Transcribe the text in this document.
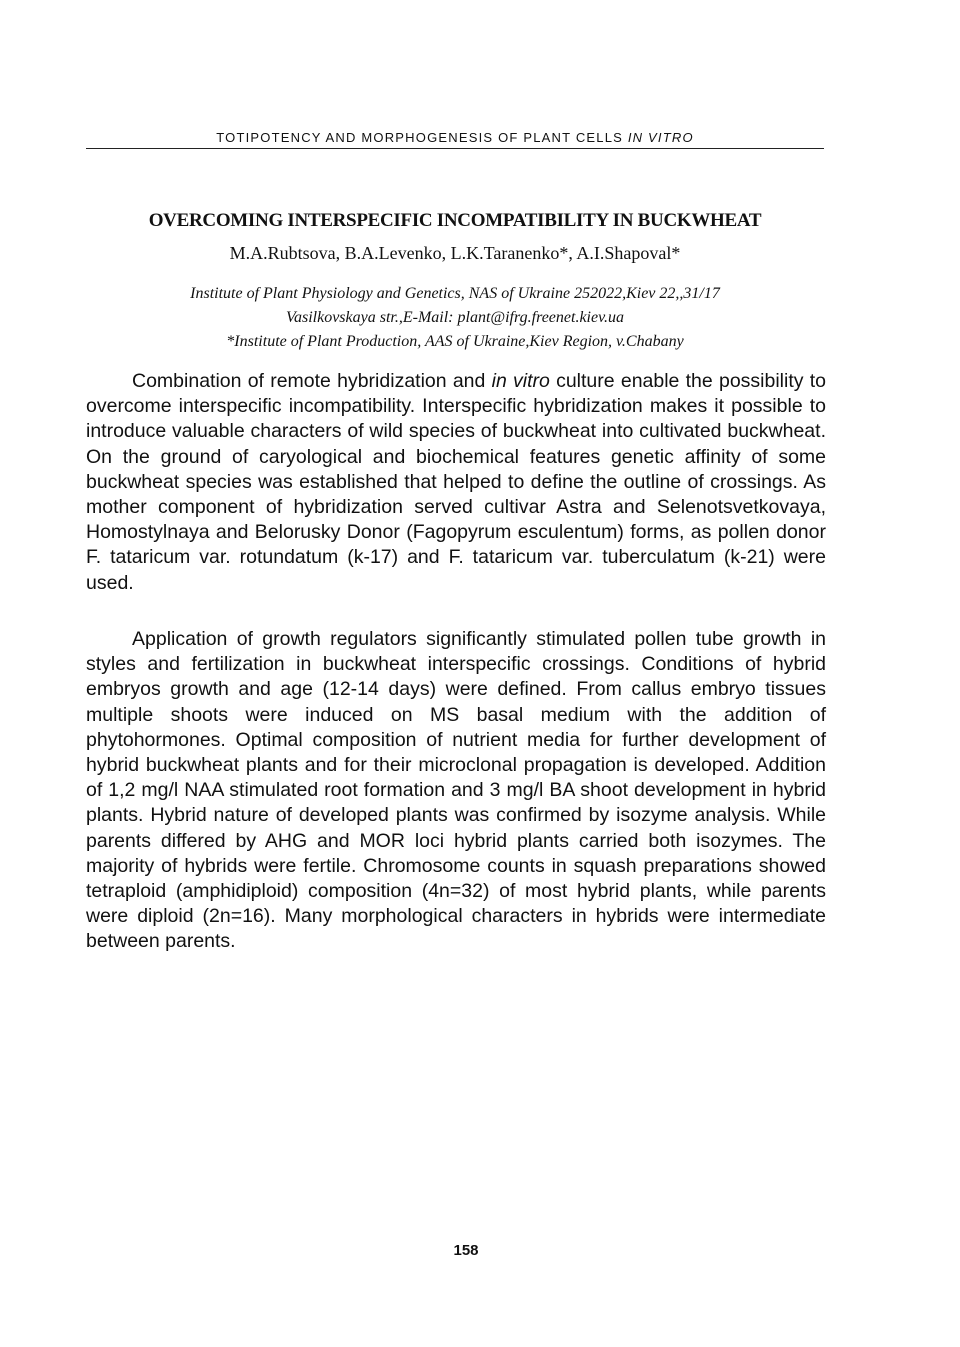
TOTIPOTENCY AND MORPHOGENESIS OF PLANT CELLS IN VITRO
OVERCOMING INTERSPECIFIC INCOMPATIBILITY IN BUCKWHEAT
M.A.Rubtsova, B.A.Levenko, L.K.Taranenko*, A.I.Shapoval*
Institute of Plant Physiology and Genetics, NAS of Ukraine 252022,Kiev 22,,31/17
Vasilkovskaya str.,E-Mail: plant@ifrg.freenet.kiev.ua
*Institute of Plant Production, AAS of Ukraine,Kiev Region, v.Chabany

Combination of remote hybridization and in vitro culture enable the possibility to overcome interspecific incompatibility. Interspecific hybridization makes it possible to introduce valuable characters of wild species of buckwheat into cultivated buckwheat. On the ground of caryological and biochemical features genetic affinity of some buckwheat species was established that helped to define the outline of crossings. As mother component of hybridization served cultivar Astra and Selenotsvetkovaya, Homostylnaya and Belorusky Donor (Fagopyrum esculentum) forms, as pollen donor F. tataricum var. rotundatum (k-17) and F. tataricum var. tuberculatum (k-21) were used.

Application of growth regulators significantly stimulated pollen tube growth in styles and fertilization in buckwheat interspecific crossings. Conditions of hybrid embryos growth and age (12-14 days) were defined. From callus embryo tissues multiple shoots were induced on MS basal medium with the addition of phytohormones. Optimal composition of nutrient media for further development of hybrid buckwheat plants and for their microclonal propagation is developed. Addition of 1,2 mg/l NAA stimulated root formation and 3 mg/l BA shoot development in hybrid plants. Hybrid nature of developed plants was confirmed by isozyme analysis. While parents differed by AHG and MOR loci hybrid plants carried both isozymes. The majority of hybrids were fertile. Chromosome counts in squash preparations showed tetraploid (amphidiploid) composition (4n=32) of most hybrid plants, while parents were diploid (2n=16). Many morphological characters in hybrids were intermediate between parents.

158
